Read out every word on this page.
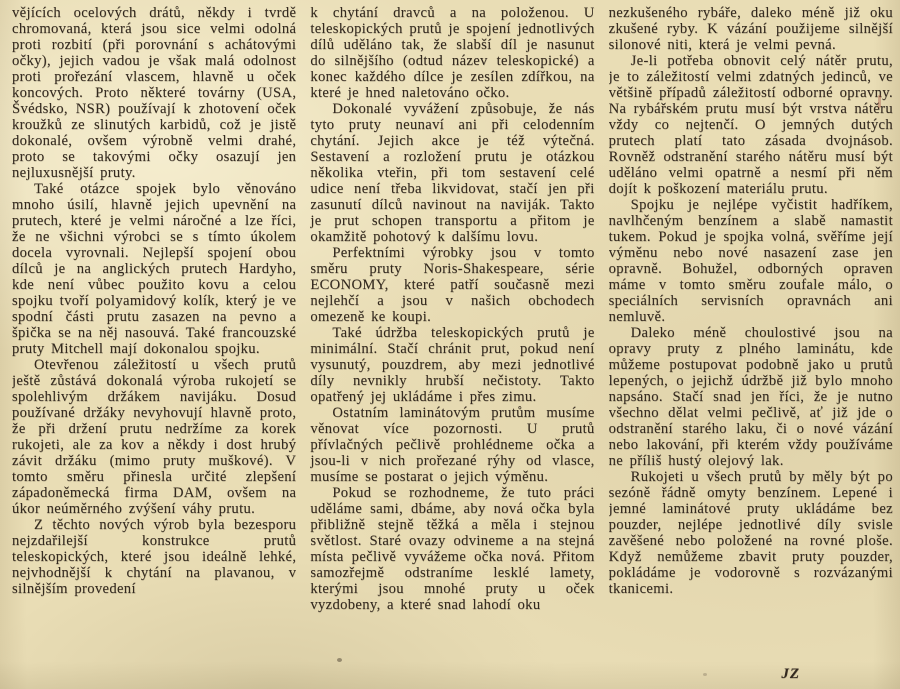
vějících ocelových drátů, někdy i tvrdě chromovaná, která jsou sice velmi odolná proti rozbití (při porovnání s achátovými očky), jejich vadou je však malá odolnost proti prořezání vlascem, hlavně u oček koncových. Proto některé továrny (USA, Švédsko, NSR) používají k zhotovení oček kroužků ze slinutých karbidů, což je jistě dokonalé, ovšem výrobně velmi drahé, proto se takovými očky osazují jen nejluxusnější pruty.

Také otázce spojek bylo věnováno mnoho úsilí, hlavně jejich upevnění na prutech, které je velmi náročné a lze říci, že ne všichni výrobci se s tímto úkolem docela vyrovnali. Nejlepší spojení obou dílců je na anglických prutech Hardyho, kde není vůbec použito kovu a celou spojku tvoří polyamidový kolík, který je ve spodní části prutu zasazen na pevno a špička se na něj nasouvá. Také francouzské pruty Mitchell mají dokonalou spojku.

Otevřenou záležitostí u všech prutů ještě zůstává dokonalá výroba rukojetí se spolehlivým držákem navijáku. Dosud používané držáky nevyhovují hlavně proto, že při držení prutu nedržíme za korek rukojeti, ale za kov a někdy i dost hrubý závit držáku (mimo pruty muškové). V tomto směru přinesla určité zlepšení západoněmecká firma DAM, ovšem na úkor neúměrného zvýšení váhy prutu.

Z těchto nových výrob byla bezesporu nejzdařilejší konstrukce prutů teleskopických, které jsou ideálně lehké, nejvhodnější k chytání na plavanou, v silnějším provedení

k chytání dravců a na položenou. U teleskopických prutů je spojení jednotlivých dílů uděláno tak, že slabší díl je nasunut do silnějšího (odtud název teleskopické) a konec každého dílce je zesílen zdířkou, na které je hned naletováno očko.

Dokonalé vyvážení způsobuje, že nás tyto pruty neunaví ani při celodenním chytání. Jejich akce je též výtečná. Sestavení a rozložení prutu je otázkou několika vteřin, při tom sestavení celé udice není třeba likvidovat, stačí jen při zasunutí dílců navinout na naviják. Takto je prut schopen transportu a přitom je okamžitě pohotový k dalšímu lovu.

Perfektními výrobky jsou v tomto směru pruty Noris-Shakespeare, série ECONOMY, které patří současně mezi nejlehčí a jsou v našich obchodech omezeně ke koupi.

Také údržba teleskopických prutů je minimální. Stačí chránit prut, pokud není vysunutý, pouzdrem, aby mezi jednotlivé díly nevnikly hrubší nečistoty. Takto opatřený jej ukládáme i přes zimu.

Ostatním laminátovým prutům musíme věnovat více pozornosti. U prutů přívlačných pečlivě prohlédneme očka a jsou-li v nich prořezané rýhy od vlasce, musíme se postarat o jejich výměnu.

Pokud se rozhodneme, že tuto práci uděláme sami, dbáme, aby nová očka byla přibližně stejně těžká a měla i stejnou světlost. Staré ovazy odvineme a na stejná místa pečlivě vyvážeme očka nová. Přitom samozřejmě odstraníme lesklé lamety, kterými jsou mnohé pruty u oček vyzdobeny, a které snad lahodí oku

nezkušeného rybáře, daleko méně již oku zkušené ryby. K vázání použijeme silnější silonové niti, která je velmi pevná.

Je-li potřeba obnovit celý nátěr prutu, je to záležitostí velmi zdatných jedinců, ve většině případů záležitostí odborné opravny. Na rybářském prutu musí být vrstva nátěru vždy co nejtenčí. O jemných dutých prutech platí tato zásada dvojnásob. Rovněž odstranění starého nátěru musí být uděláno velmi opatrně a nesmí při něm dojít k poškození materiálu prutu.

Spojku je nejlépe vyčistit hadříkem, navlhčeným benzínem a slabě namastit tukem. Pokud je spojka volná, svěříme její výměnu nebo nové nasazení zase jen opravně. Bohužel, odborných opraven máme v tomto směru zoufale málo, o speciálních servisních opravnách ani nemluvě.

Daleko méně choulostivé jsou na opravy pruty z plného laminátu, kde můžeme postupovat podobně jako u prutů lepených, o jejichž údržbě již bylo mnoho napsáno. Stačí snad jen říci, že je nutno všechno dělat velmi pečlivě, ať již jde o odstranění starého laku, či o nové vázání nebo lakování, při kterém vždy používáme ne příliš hustý olejový lak.

Rukojeti u všech prutů by měly být po sezóně řádně omyty benzínem. Lepené i jemné laminátové pruty ukládáme bez pouzder, nejlépe jednotlivé díly svisle zavěšené nebo položené na rovné ploše. Když nemůžeme zbavit pruty pouzder, pokládáme je vodorovně s rozvázanými tkanicemi.

JZ
